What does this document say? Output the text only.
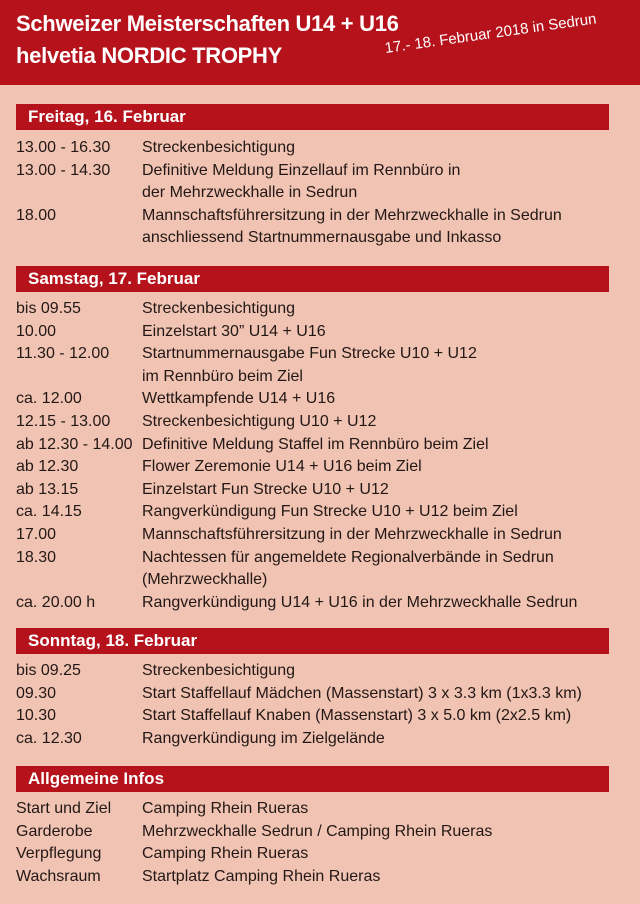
Schweizer Meisterschaften U14 + U16
helvetia NORDIC TROPHY	17.- 18. Februar 2018 in Sedrun
Freitag, 16. Februar
13.00 - 16.30	Streckenbesichtigung
13.00 - 14.30	Definitive Meldung Einzellauf im Rennbüro in
der Mehrzweckhalle in Sedrun
18.00	Mannschaftsführersitzung in der Mehrzweckhalle in Sedrun
anschliessend Startnummernausgabe und Inkasso
Samstag, 17. Februar
bis 09.55	Streckenbesichtigung
10.00	Einzelstart 30” U14 + U16
11.30 - 12.00	Startnummernausgabe Fun Strecke U10 + U12
im Rennbüro beim Ziel
ca. 12.00	Wettkampfende U14 + U16
12.15 - 13.00	Streckenbesichtigung U10 + U12
ab 12.30 - 14.00 Definitive Meldung Staffel im Rennbüro beim Ziel
ab 12.30	Flower Zeremonie U14 + U16 beim Ziel
ab 13.15	Einzelstart Fun Strecke U10 + U12
ca. 14.15	Rangverkündigung Fun Strecke U10 + U12 beim Ziel
17.00	Mannschaftsführersitzung in der Mehrzweckhalle in Sedrun
18.30	Nachtessen für angemeldete Regionalverbände in Sedrun
(Mehrzweckhalle)
ca. 20.00 h	Rangverkündigung U14 + U16 in der Mehrzweckhalle Sedrun
Sonntag, 18. Februar
bis 09.25	Streckenbesichtigung
09.30	Start Staffellauf Mädchen (Massenstart) 3 x 3.3 km (1x3.3 km)
10.30	Start Staffellauf Knaben (Massenstart) 3 x 5.0 km (2x2.5 km)
ca. 12.30	Rangverkündigung im Zielgelände
Allgemeine Infos
Start und Ziel	Camping Rhein Rueras
Garderobe	Mehrzweckhalle Sedrun / Camping Rhein Rueras
Verpflegung	Camping Rhein Rueras
Wachsraum	Startplatz Camping Rhein Rueras
